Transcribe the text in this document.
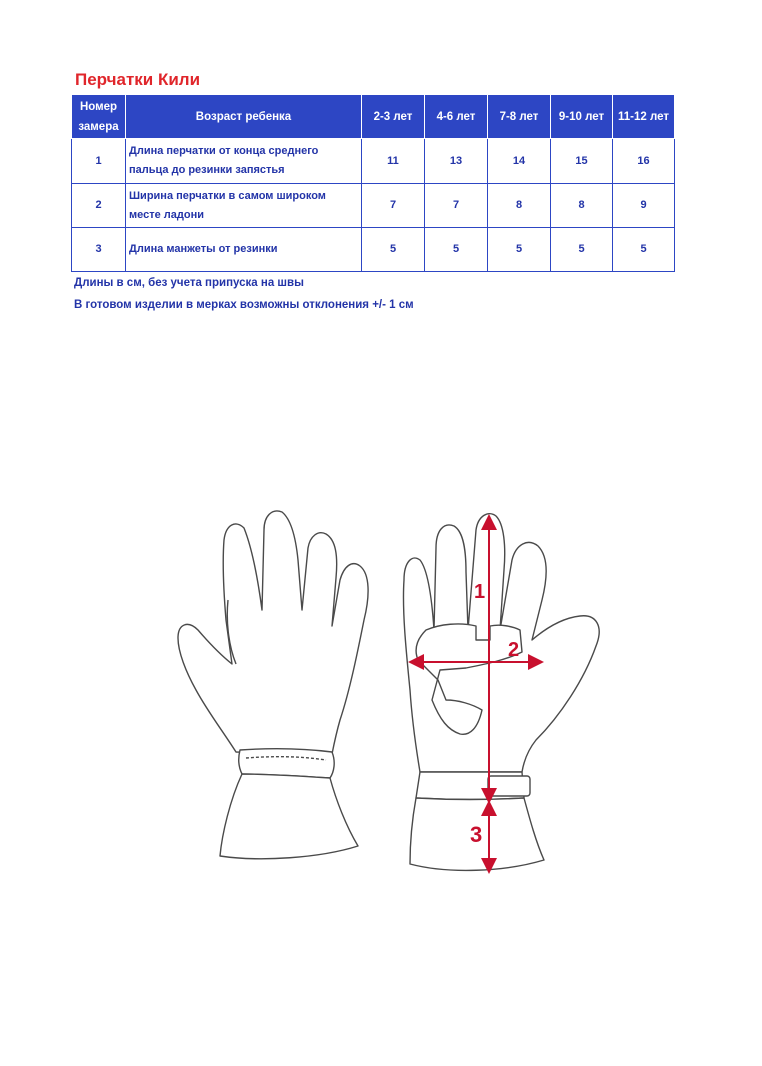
Перчатки Кили
Номер замера	Возраст ребенка	2-3 лет	4-6 лет	7-8 лет	9-10 лет	11-12 лет
1	Длина перчатки от конца среднего пальца до резинки запястья	11	13	14	15	16
2	Ширина перчатки в самом широком месте ладони	7	7	8	8	9
3	Длина манжеты от резинки	5	5	5	5	5
Длины в см, без учета припуска на швы
В готовом изделии в мерках возможны отклонения +/- 1 см
1
2
3
